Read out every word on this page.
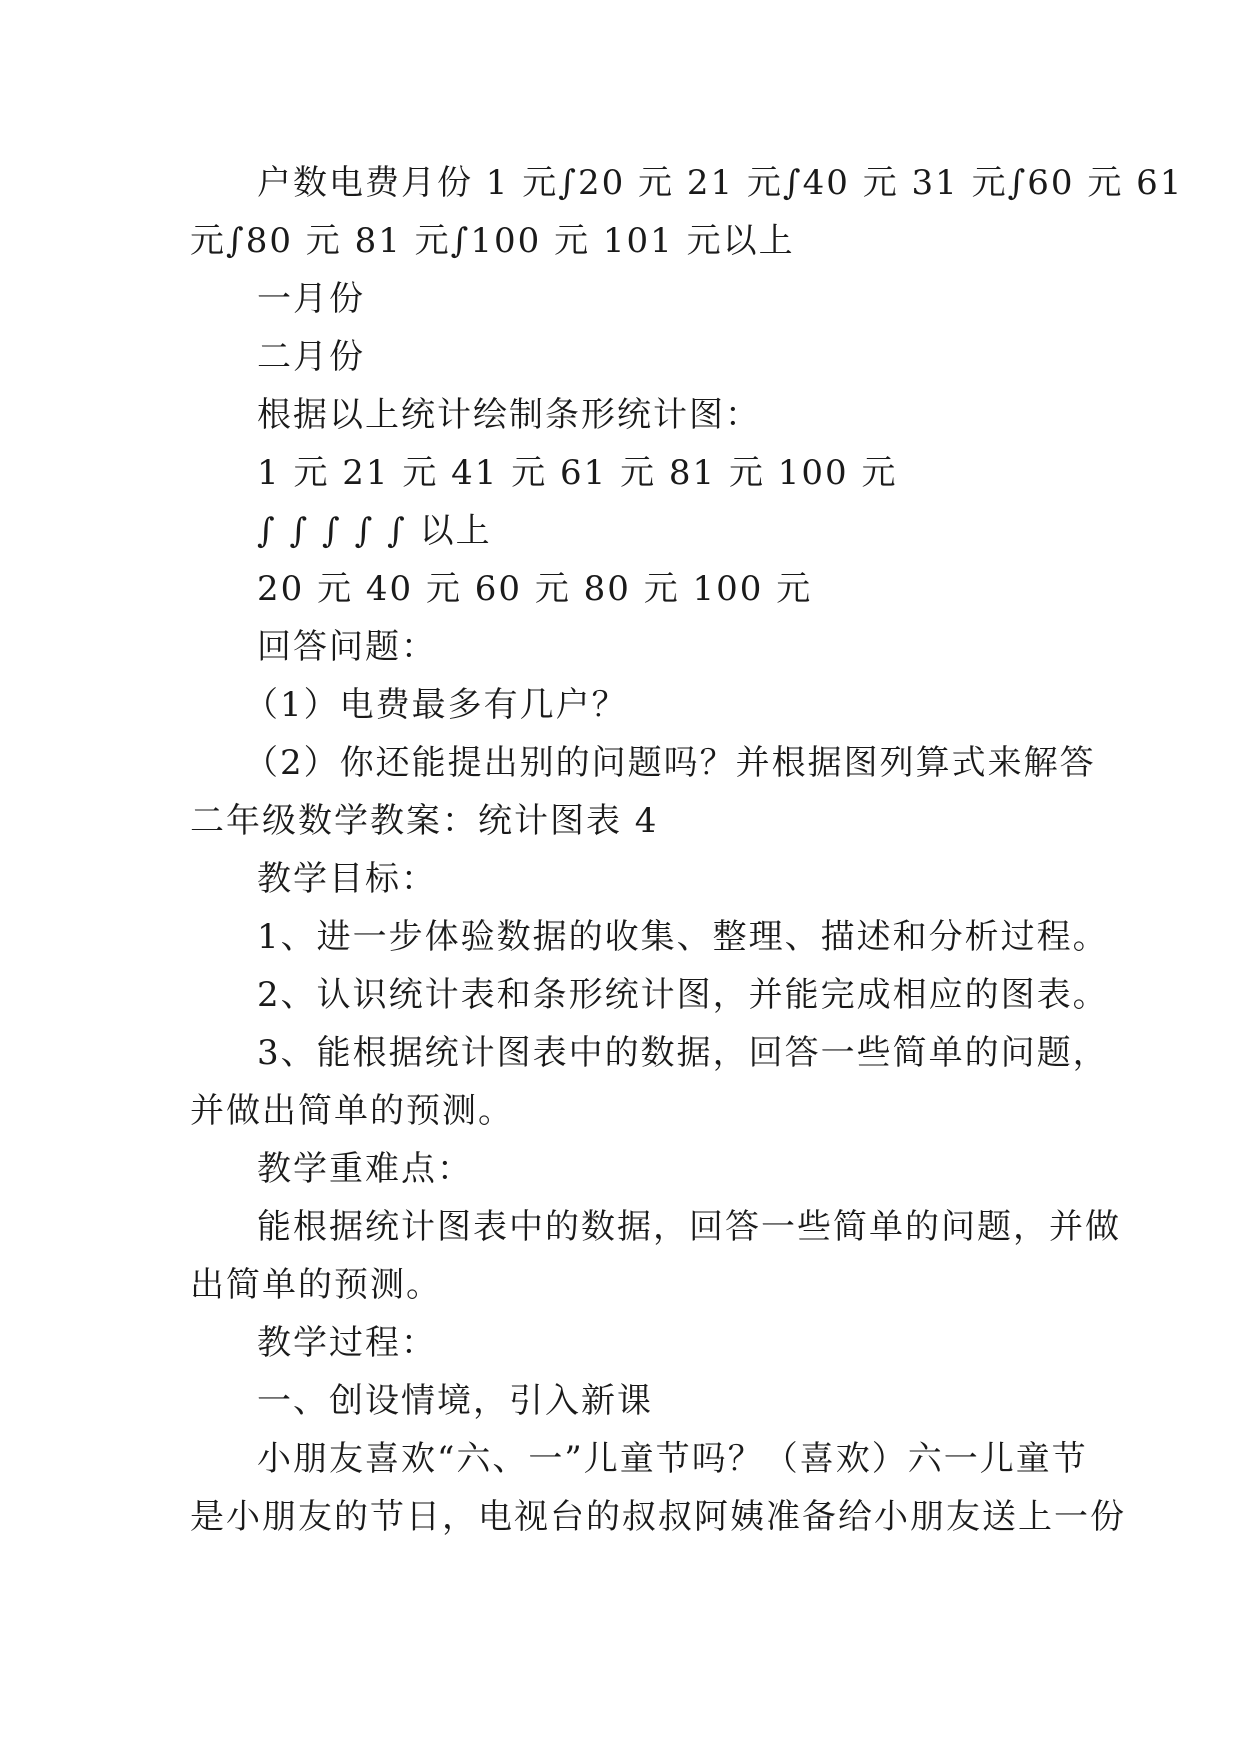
户数电费月份 1 元∫20 元 21 元∫40 元 31 元∫60 元 61
元∫80 元 81 元∫100 元 101 元以上
一月份
二月份
根据以上统计绘制条形统计图：
1 元 21 元 41 元 61 元 81 元 100 元
∫ ∫ ∫ ∫ ∫ 以上
20 元 40 元 60 元 80 元 100 元
回答问题：
（1）电费最多有几户？
（2）你还能提出别的问题吗？并根据图列算式来解答
二年级数学教案：统计图表 4
教学目标：
1、进一步体验数据的收集、整理、描述和分析过程。
2、认识统计表和条形统计图，并能完成相应的图表。
3、能根据统计图表中的数据，回答一些简单的问题，
并做出简单的预测。
教学重难点：
能根据统计图表中的数据，回答一些简单的问题，并做
出简单的预测。
教学过程：
一、创设情境，引入新课
小朋友喜欢“六、一”儿童节吗？（喜欢）六一儿童节
是小朋友的节日，电视台的叔叔阿姨准备给小朋友送上一份
